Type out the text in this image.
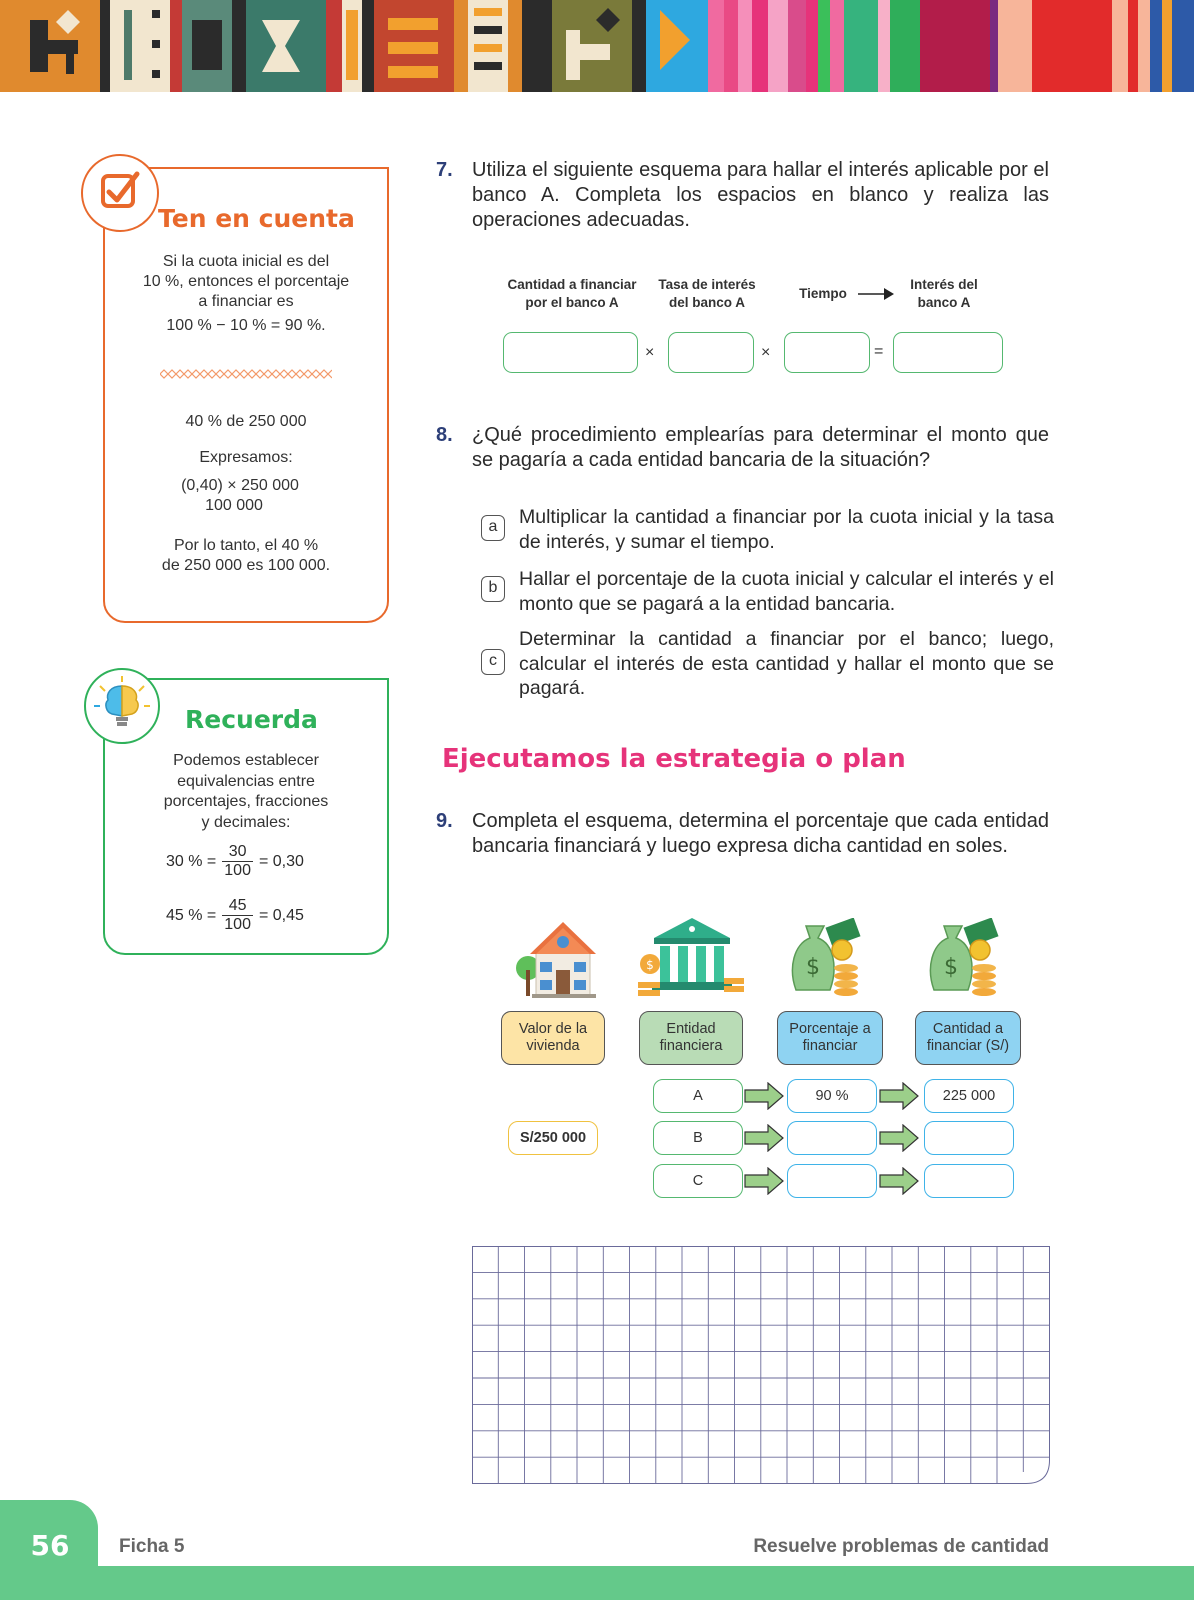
Ten en cuenta
Si la cuota inicial es del
10 %, entonces el porcentaje
a financiar es
100 % − 10 % = 90 %.
40 % de 250 000
Expresamos:
(0,40) × 250 000
100 000
Por lo tanto, el 40 %
de 250 000 es 100 000.
Recuerda
Podemos establecer
equivalencias entre
porcentajes, fracciones
y decimales:
30 % = $\frac{30}{100} = 0,30$
45 % = $\frac{45}{100} = 0,45$
7. Utiliza el siguiente esquema para hallar el interés aplicable por el banco A. Completa los espacios en blanco y realiza las operaciones adecuadas.
Cantidad a financiar por el banco A
Tasa de interés del banco A
Tiempo
Interés del banco A
×	×	=
8. ¿Qué procedimiento emplearías para determinar el monto que se pagaría a cada entidad bancaria de la situación?
a	Multiplicar la cantidad a financiar por la cuota inicial y la tasa de interés, y sumar el tiempo.
b	Hallar el porcentaje de la cuota inicial y calcular el interés y el monto que se pagará a la entidad bancaria.
c
Determinar la cantidad a financiar por el banco; luego, calcular el interés de esta cantidad y hallar el monto que se pagará.
Ejecutamos la estrategia o plan
9. Completa el esquema, determina el porcentaje que cada entidad bancaria financiará y luego expresa dicha cantidad en soles.
$	$	$
Valor de la vivienda
Entidad financiera
Porcentaje a financiar
Cantidad a financiar (S/)
S/250 000
A	90 %	225 000
B
C
56	Ficha 5	Resuelve problemas de cantidad
